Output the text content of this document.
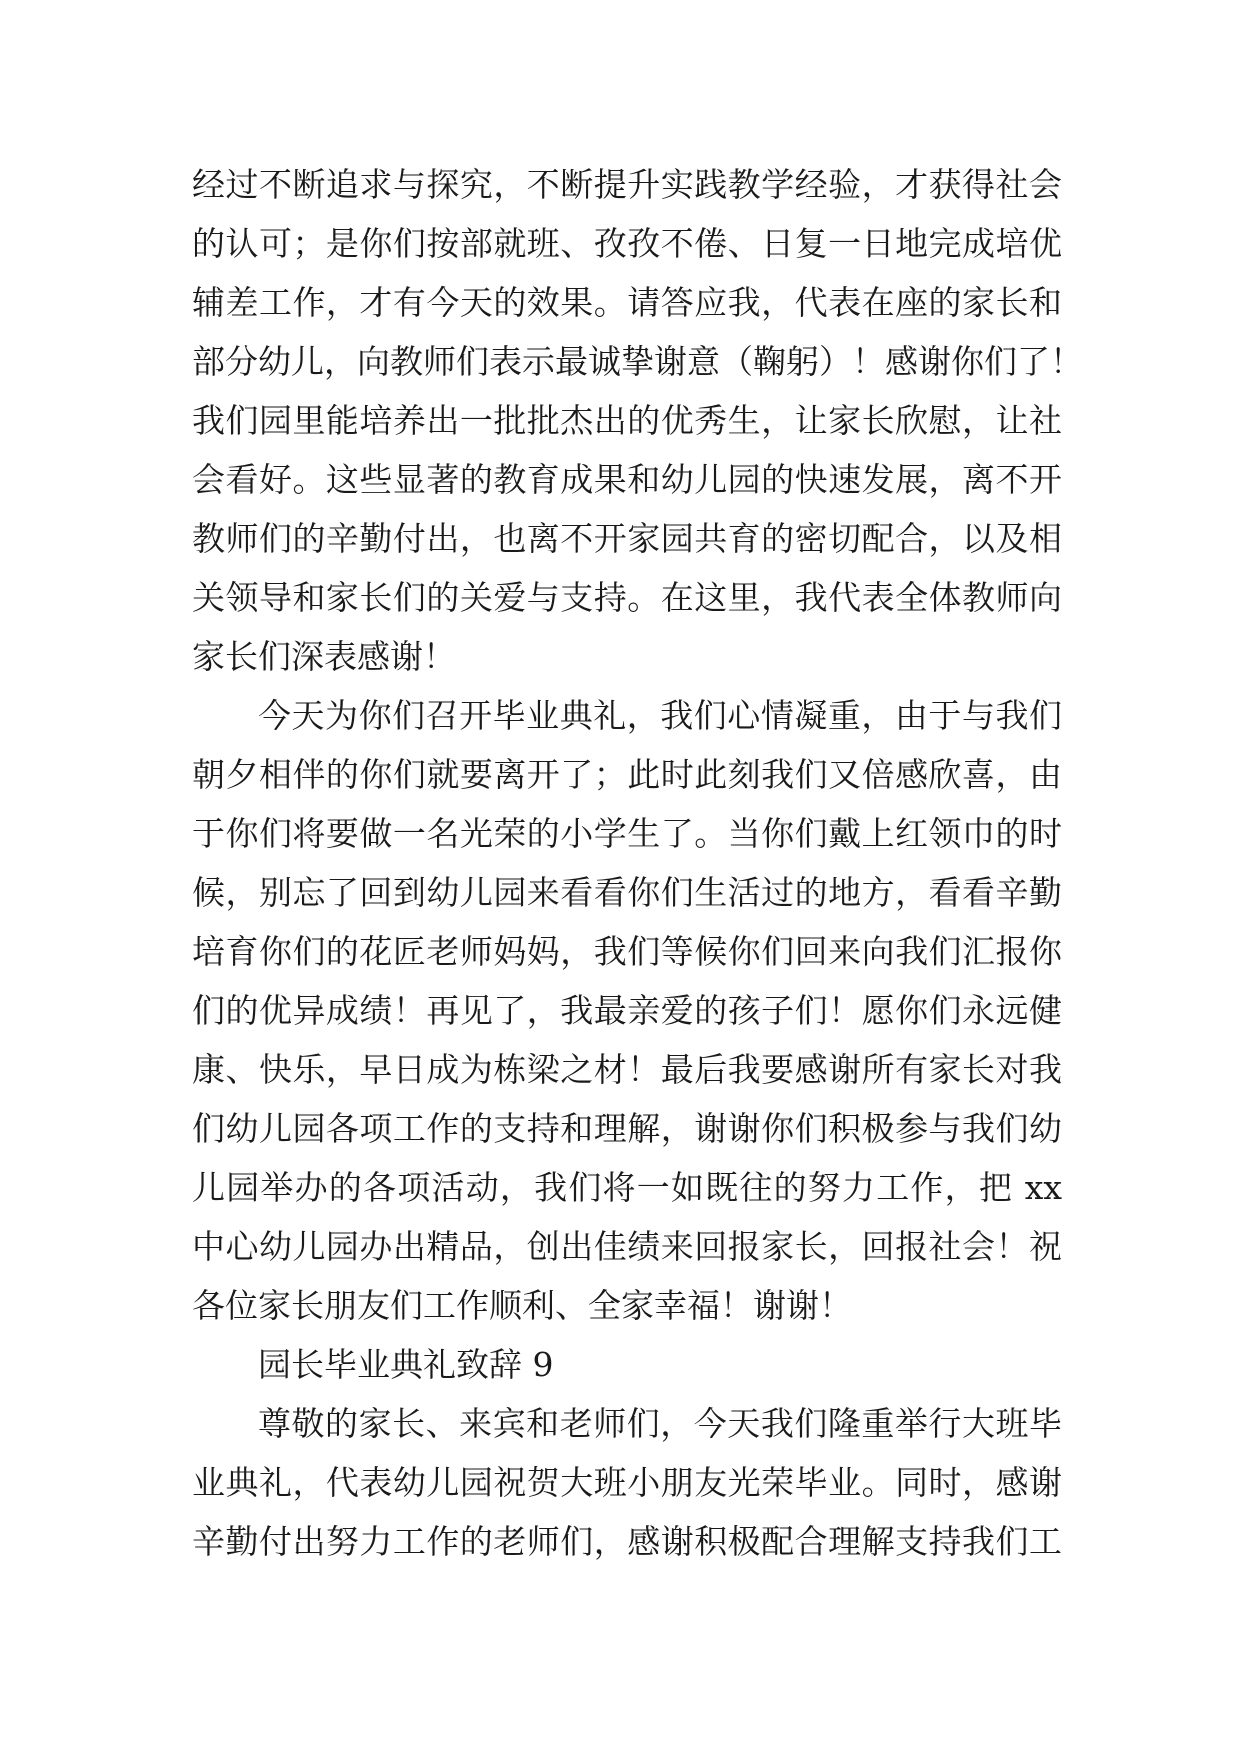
经过不断追求与探究，不断提升实践教学经验，才获得社会
的认可；是你们按部就班、孜孜不倦、日复一日地完成培优
辅差工作，才有今天的效果。请答应我，代表在座的家长和
部分幼儿，向教师们表示最诚挚谢意（鞠躬）！感谢你们了！
我们园里能培养出一批批杰出的优秀生，让家长欣慰，让社
会看好。这些显著的教育成果和幼儿园的快速发展，离不开
教师们的辛勤付出，也离不开家园共育的密切配合，以及相
关领导和家长们的关爱与支持。在这里，我代表全体教师向
家长们深表感谢！
今天为你们召开毕业典礼，我们心情凝重，由于与我们
朝夕相伴的你们就要离开了；此时此刻我们又倍感欣喜，由
于你们将要做一名光荣的小学生了。当你们戴上红领巾的时
候，别忘了回到幼儿园来看看你们生活过的地方，看看辛勤
培育你们的花匠老师妈妈，我们等候你们回来向我们汇报你
们的优异成绩！再见了，我最亲爱的孩子们！愿你们永远健
康、快乐，早日成为栋梁之材！最后我要感谢所有家长对我
们幼儿园各项工作的支持和理解，谢谢你们积极参与我们幼
儿园举办的各项活动，我们将一如既往的努力工作，把 xx
中心幼儿园办出精品，创出佳绩来回报家长，回报社会！祝
各位家长朋友们工作顺利、全家幸福！谢谢！
园长毕业典礼致辞 9
尊敬的家长、来宾和老师们，今天我们隆重举行大班毕
业典礼，代表幼儿园祝贺大班小朋友光荣毕业。同时，感谢
辛勤付出努力工作的老师们，感谢积极配合理解支持我们工
